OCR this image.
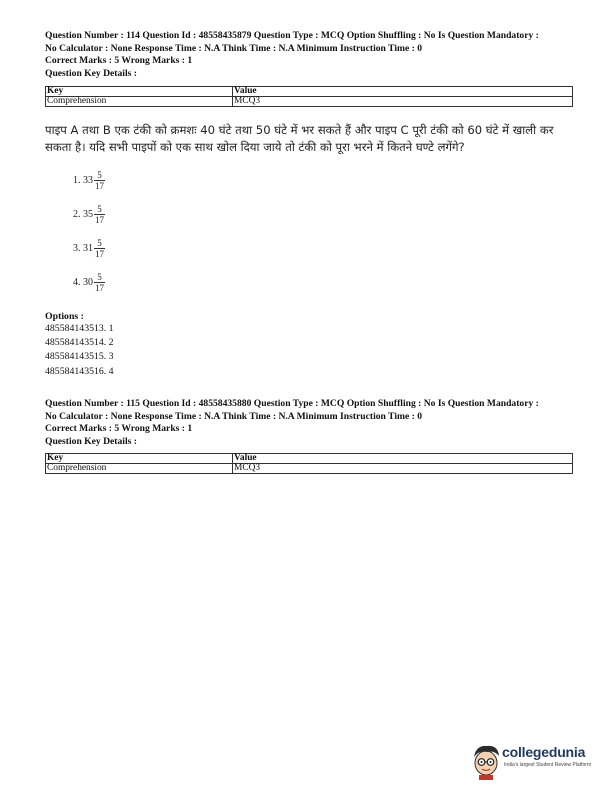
Question Number : 114 Question Id : 48558435879 Question Type : MCQ Option Shuffling : No Is Question Mandatory :
No Calculator : None Response Time : N.A Think Time : N.A Minimum Instruction Time : 0
Correct Marks : 5 Wrong Marks : 1
Question Key Details :
Key	Value
Comprehension	MCQ3
पाइप A तथा B एक टंकी को क्रमशः 40 घंटे तथा 50 घंटे में भर सकते हैं और पाइप C पूरी टंकी को 60 घंटे में खाली कर सकता है। यदि सभी पाइपों को एक साथ खोल दिया जाये तो टंकी को पूरा भरने में कितने घण्टे लगेंगे?
1. $33 \frac{5}{17}$
2. $35 \frac{5}{17}$
3. $31 \frac{5}{17}$
4. $30 \frac{5}{17}$
Options :
485584143513. 1
485584143514. 2
485584143515. 3
485584143516. 4
Question Number : 115 Question Id : 48558435880 Question Type : MCQ Option Shuffling : No Is Question Mandatory :
No Calculator : None Response Time : N.A Think Time : N.A Minimum Instruction Time : 0
Correct Marks : 5 Wrong Marks : 1
Question Key Details :
Key	Value
Comprehension	MCQ3
collegedunia
India's largest Student Review Platform
